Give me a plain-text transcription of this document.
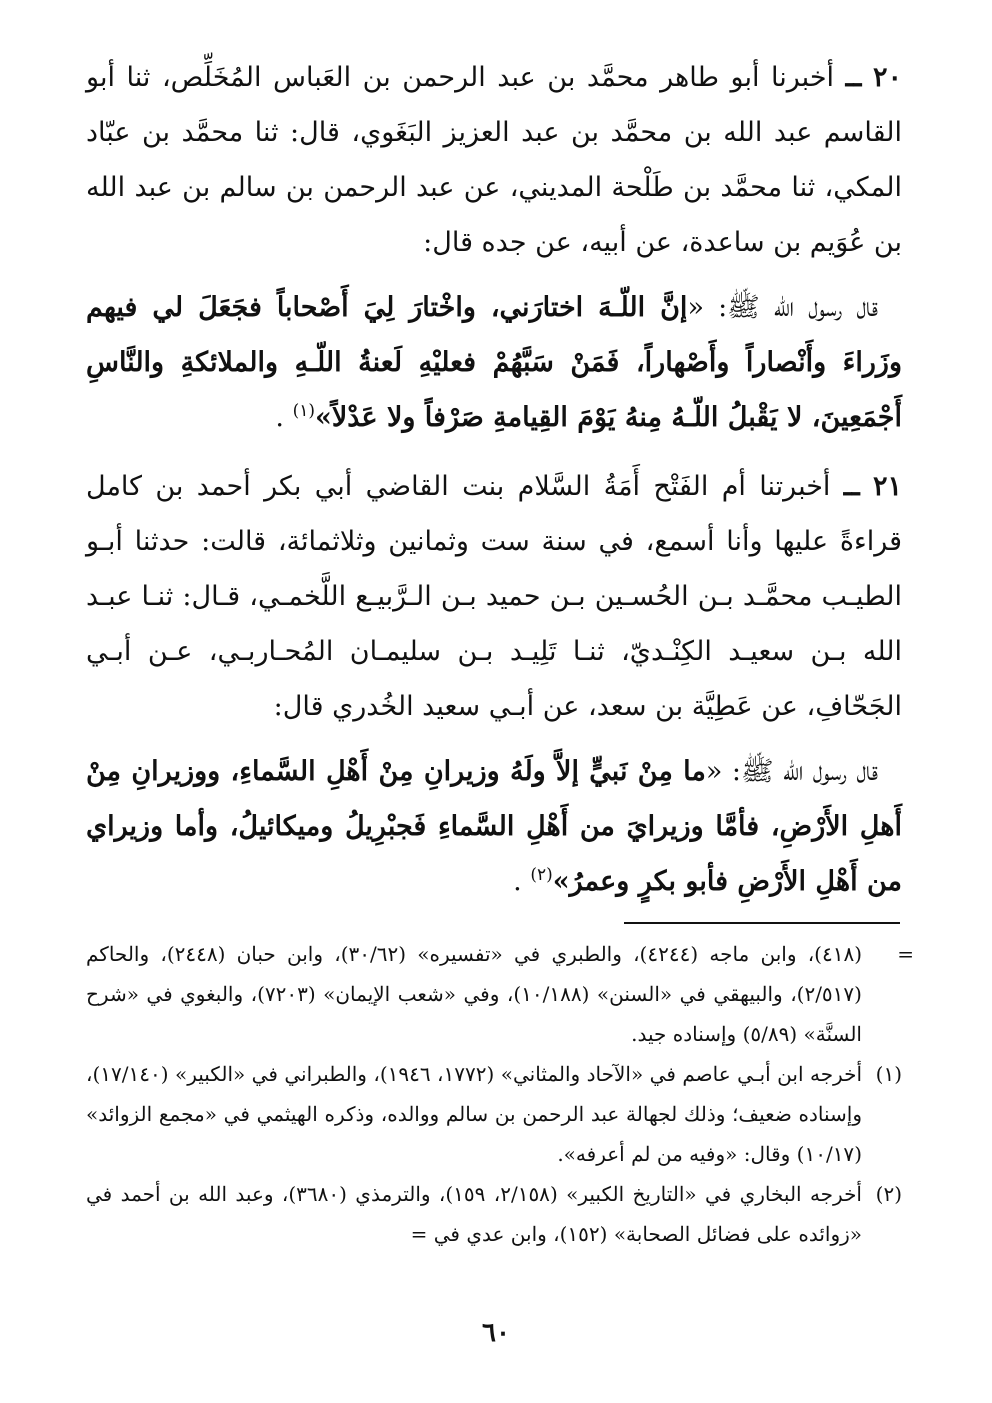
٢٠ ــ أخبرنا أبو طاهر محمَّد بن عبد الرحمن بن العَباس المُخَلِّص، ثنا أبو القاسم عبد الله بن محمَّد بن عبد العزيز البَغَوي، قال: ثنا محمَّد بن عبّاد المكي، ثنا محمَّد بن طَلْحة المديني، عن عبد الرحمن بن سالم بن عبد الله بن عُوَيم بن ساعدة، عن أبيه، عن جده قال:

قال رسول الله ﷺ: «إنَّ اللّـهَ اختارَني، واخْتارَ لِيَ أَصْحاباً فجَعَلَ لي فيهم وزَراءَ وأَنْصاراً وأَصْهاراً، فَمَنْ سَبَّهُمْ فعليْهِ لَعنةُ اللّـهِ والملائكةِ والنَّاسِ أَجْمَعِينَ، لا يَقْبلُ اللّـهُ مِنهُ يَوْمَ القِيامةِ صَرْفاً ولا عَدْلاً»$^{(١)}$ .

٢١ ــ أخبرتنا أم الفَتْح أَمَةُ السَّلام بنت القاضي أبي بكر أحمد بن كامل قراءةً عليها وأنا أسمع، في سنة ست وثمانين وثلاثمائة، قالت: حدثنا أبـو الطيـب محمَّـد بـن الحُسـين بـن حميد بـن الـرَّبيـع اللَّخمـي، قـال: ثنـا عبـد الله بـن سعيـد الكِنْـديّ، ثنـا تَلِيـد بـن سليمـان المُحـاربـي، عـن أبـي الجَحّافِ، عن عَطِيَّة بن سعد، عن أبـي سعيد الخُدري قال:

قال رسول الله ﷺ: «ما مِنْ نَبيٍّ إلاَّ ولَهُ وزيرانِ مِنْ أَهْلِ السَّماءِ، ووزيرانِ مِنْ أَهلِ الأَرْضِ، فأمَّا وزيرايَ من أَهْلِ السَّماءِ فَجبْرِيلُ وميكائيلُ، وأما وزيراي من أَهْلِ الأَرْضِ فأبو بكرٍ وعمرُ»$^{(٢)}$ .

=
(٤١٨)، وابن ماجه (٤٢٤٤)، والطبري في «تفسيره» (٣٠/٦٢)، وابن حبان (٢٤٤٨)، والحاكم (٢/٥١٧)، والبيهقي في «السنن» (١٠/١٨٨)، وفي «شعب الإيمان» (٧٢٠٣)، والبغوي في «شرح السنَّة» (٥/٨٩) وإسناده جيد.

(١)
أخرجه ابن أبـي عاصم في «الآحاد والمثاني» (١٧٧٢، ١٩٤٦)، والطبراني في «الكبير» (١٧/١٤٠)، وإسناده ضعيف؛ وذلك لجهالة عبد الرحمن بن سالم ووالده، وذكره الهيثمي في «مجمع الزوائد» (١٠/١٧) وقال: «وفيه من لم أعرفه».

(٢)
أخرجه البخاري في «التاريخ الكبير» (٢/١٥٨، ١٥٩)، والترمذي (٣٦٨٠)، وعبد الله بن أحمد في «زوائده على فضائل الصحابة» (١٥٢)، وابن عدي في =

٦٠
